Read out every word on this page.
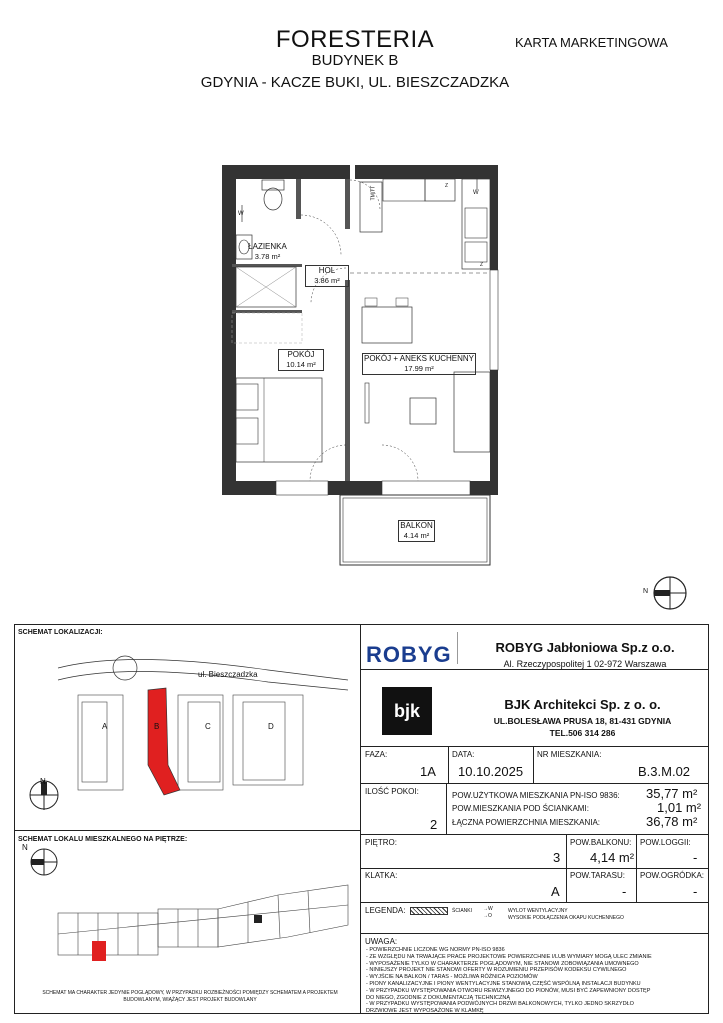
FORESTERIA
BUDYNEK B
GDYNIA - KACZE BUKI, UL. BIESZCZADZKA
KARTA MARKETINGOWA
ŁAZIENKA
3.78 m²
HOL
3.86 m²
POKÓJ
10.14 m²
POKÓJ + ANEKS KUCHENNY
17.99 m²
BALKON
4.14 m²
W
W
TM/TT	Z
Z
N
SCHEMAT LOKALIZACJI:
ul. Bieszczadzka
A	B	C	D
N
SCHEMAT LOKALU MIESZKALNEGO NA PIĘTRZE:
N
SCHEMAT MA CHARAKTER JEDYNIE POGLĄDOWY, W PRZYPADKU ROZBIEŻNOŚCI POMIĘDZY SCHEMATEM A PROJEKTEM BUDOWLANYM, WIĄŻĄCY JEST PROJEKT BUDOWLANY
ROBYG	ROBYG Jabłoniowa Sp.z o.o.
Al. Rzeczypospolitej 1 02-972 Warszawa
bjk	BJK Architekci Sp. z o. o.
UL.BOLESŁAWA PRUSA 18, 81-431 GDYNIA
TEL.506 314 286
FAZA:
1A
DATA:
10.10.2025
NR MIESZKANIA:
B.3.M.02
ILOŚĆ POKOI:
2
POW.UŻYTKOWA MIESZKANIA PN-ISO 9836: 35,77 m²
POW.MIESZKANIA POD ŚCIANKAMI:	1,01 m²
ŁĄCZNA POWIERZCHNIA MIESZKANIA:	36,78 m²
PIĘTRO:
3
POW.BALKONU:
4,14 m²
POW.LOGGII:
-
KLATKA:
A
POW.TARASU:
-
POW.OGRÓDKA:
-
LEGENDA:	ŚCIANKI →W
→O
WYLOT WENTYLACYJNY
WYSOKIE PODŁĄCZENIA OKAPU KUCHENNEGO
UWAGA:
- POWIERZCHNIE LICZONE WG NORMY PN-ISO 9836
- ZE WZGLĘDU NA TRWAJĄCE PRACE PROJEKTOWE POWIERZCHNIE I/LUB WYMIARY MOGĄ ULEC ZMIANIE
- WYPOSAŻENIE TYLKO W CHARAKTERZE POGLĄDOWYM, NIE STANOWI ZOBOWIĄZANIA UMOWNEGO
- NINIEJSZY PROJEKT NIE STANOWI OFERTY W ROZUMIENIU PRZEPISÓW KODEKSU CYWILNEGO
- WYJŚCIE NA BALKON / TARAS - MOŻLIWA RÓŻNICA POZIOMÓW
- PIONY KANALIZACYJNE I PIONY WENTYLACYJNE STANOWIĄ CZĘŚĆ WSPÓLNĄ INSTALACJI BUDYNKU
- W PRZYPADKU WYSTĘPOWANIA OTWORU REWIZYJNEGO DO PIONÓW, MUSI BYĆ ZAPEWNIONY DOSTĘP DO NIEGO, ZGODNIE Z DOKUMENTACJĄ TECHNICZNĄ
- W PRZYPADKU WYSTĘPOWANIA PODWÓJNYCH DRZWI BALKONOWYCH, TYLKO JEDNO SKRZYDŁO DRZWIOWE JEST WYPOSAŻONE W KLAMKĘ
